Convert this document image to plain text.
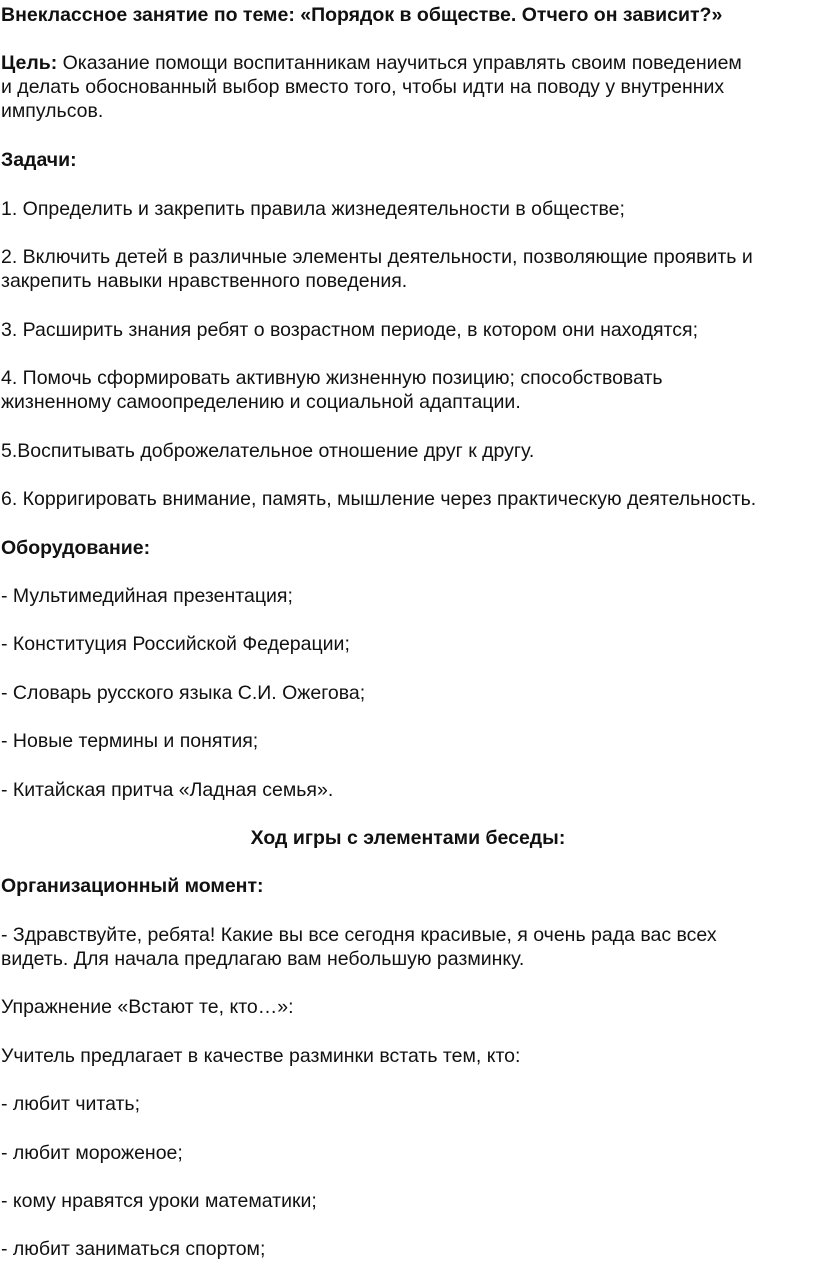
Внеклассное занятие по теме: «Порядок в обществе. Отчего он зависит?»

Цель: Оказание помощи воспитанникам научиться управлять своим поведением

и делать обоснованный выбор вместо того, чтобы идти на поводу у внутренних

импульсов.

Задачи:

1. Определить и закрепить правила жизнедеятельности в обществе;

2. Включить детей в различные элементы деятельности, позволяющие проявить и

закрепить навыки нравственного поведения.

3. Расширить знания ребят о возрастном периоде, в котором они находятся;

4. Помочь сформировать активную жизненную позицию; способствовать

жизненному самоопределению и социальной адаптации.

5.Воспитывать доброжелательное отношение друг к другу.

6. Корригировать внимание, память, мышление через практическую деятельность.

Оборудование:

- Мультимедийная презентация;

- Конституция Российской Федерации;

- Словарь русского языка С.И. Ожегова;

- Новые термины и понятия;

- Китайская притча «Ладная семья».

Ход игры с элементами беседы:

Организационный момент:

- Здравствуйте, ребята! Какие вы все сегодня красивые, я очень рада вас всех

видеть. Для начала предлагаю вам небольшую разминку.

Упражнение «Встают те, кто…»:

Учитель предлагает в качестве разминки встать тем, кто:

- любит читать;

- любит мороженое;

- кому нравятся уроки математики;

- любит заниматься спортом;
